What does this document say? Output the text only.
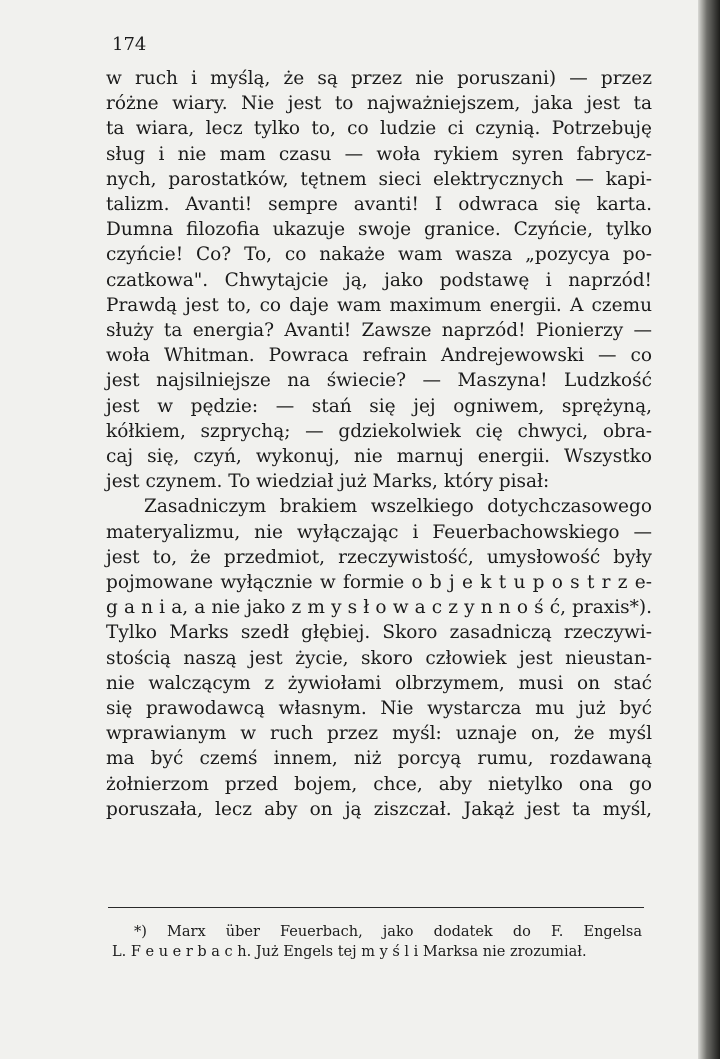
174
w ruch i myślą, że są przez nie poruszani) — przez
różne wiary. Nie jest to najważniejszem, jaka jest ta
ta wiara, lecz tylko to, co ludzie ci czynią. Potrzebuję
sług i nie mam czasu — woła rykiem syren fabrycz-
nych, parostatków, tętnem sieci elektrycznych — kapi-
talizm. Avanti! sempre avanti! I odwraca się karta.
Dumna filozofia ukazuje swoje granice. Czyńcie, tylko
czyńcie! Co? To, co nakaże wam wasza „pozycya po-
czatkowa". Chwytajcie ją, jako podstawę i naprzód!
Prawdą jest to, co daje wam maximum energii. A czemu
służy ta energia? Avanti! Zawsze naprzód! Pionierzy —
woła Whitman. Powraca refrain Andrejewowski — co
jest najsilniejsze na świecie? — Maszyna! Ludzkość
jest w pędzie: — stań się jej ogniwem, sprężyną,
kółkiem, szprychą; — gdziekolwiek cię chwyci, obra-
caj się, czyń, wykonuj, nie marnuj energii. Wszystko
jest czynem. To wiedział już Marks, który pisał:
Zasadniczym brakiem wszelkiego dotychczasowego
materyalizmu, nie wyłączając i Feuerbachowskiego —
jest to, że przedmiot, rzeczywistość, umysłowość były
pojmowane wyłącznie w formie o b j e k t u p o s t r z e-
g a n i a, a nie jako z m y s ł o w a c z y n n o ś ć, praxis*).
Tylko Marks szedł głębiej. Skoro zasadniczą rzeczywi-
stością naszą jest życie, skoro człowiek jest nieustan-
nie walczącym z żywiołami olbrzymem, musi on stać
się prawodawcą własnym. Nie wystarcza mu już być
wprawianym w ruch przez myśl: uznaje on, że myśl
ma być czemś innem, niż porcyą rumu, rozdawaną
żołnierzom przed bojem, chce, aby nietylko ona go
poruszała, lecz aby on ją ziszczał. Jakąż jest ta myśl,
*) Marx über Feuerbach, jako dodatek do F. Engelsa
L. F e u e r b a c h. Już Engels tej m y ś l i Marksa nie zrozumiał.
